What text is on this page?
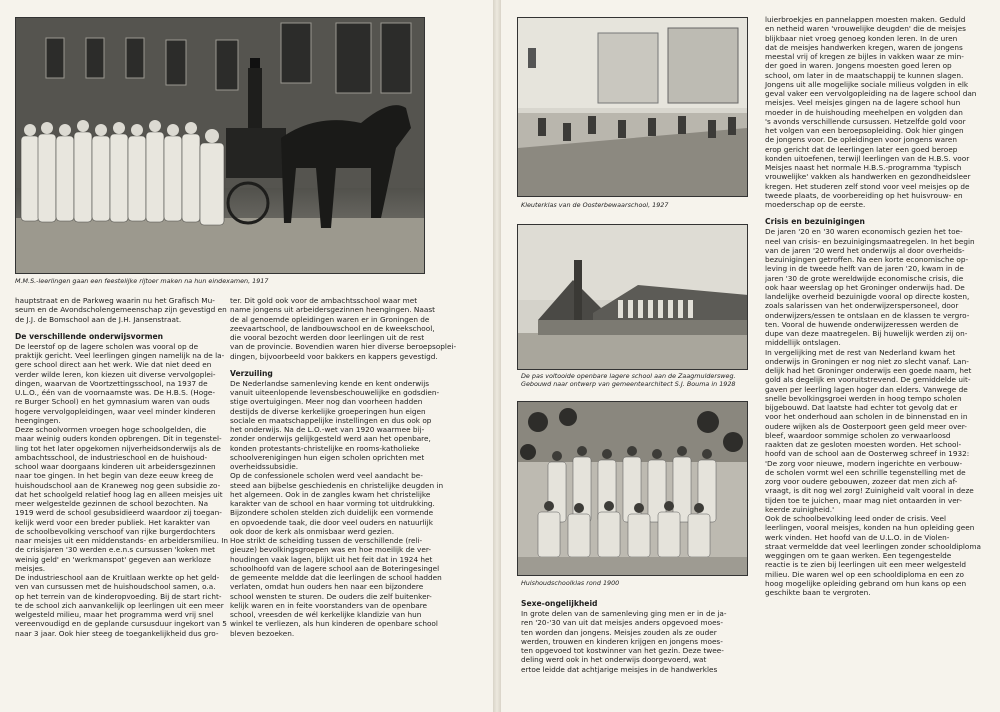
M.M.S.-leerlingen gaan een feestelijke rijtoer maken na hun eindexamen, 1917

hauptstraat en de Parkweg waarin nu het Grafisch Mu-

seum en de Avondscholengemeenschap zijn gevestigd en

de J.J. de Bomschool aan de J.H. Jansenstraat.

De verschillende onderwijsvormen

De leerstof op de lagere scholen was vooral op de

praktijk gericht. Veel leerlingen gingen namelijk na de la-

gere school direct aan het werk. Wie dat niet deed en

verder wilde leren, kon kiezen uit diverse vervolgoplei-

dingen, waarvan de Voortzettingsschool, na 1937 de

U.L.O., één van de voornaamste was. De H.B.S. (Hoge-

re Burger School) en het gymnasium waren van ouds

hogere vervolgopleidingen, waar veel minder kinderen

heengingen.

Deze schoolvormen vroegen hoge schoolgelden, die

maar weinig ouders konden opbrengen. Dit in tegenstel-

ling tot het later opgekomen nijverheidsonderwijs als de

ambachtsschool, de industrieschool en de huishoud-

school waar doorgaans kinderen uit arbeidersgezinnen

naar toe gingen. In het begin van deze eeuw kreeg de

huishoudschool aan de Kraneweg nog geen subsidie zo-

dat het schoolgeld relatief hoog lag en alleen meisjes uit

meer welgestelde gezinnen de school bezochten. Na

1919 werd de school gesubsidieerd waardoor zij toegan-

kelijk werd voor een breder publiek. Het karakter van

de schoolbevolking verschoof van rijke burgerdochters

naar meisjes uit een middenstands- en arbeidersmilieu. In

de crisisjaren '30 werden e.e.n.s cursussen 'koken met

weinig geld' en 'werkmanspot' gegeven aan werkloze

meisjes.

De industrieschool aan de Kruitlaan werkte op het geld-

ven van cursussen met de huishoudschool samen, o.a.

op het terrein van de kinderopvoeding. Bij de start richt-

te de school zich aanvankelijk op leerlingen uit een meer

welgesteld milieu, maar het programma werd vrij snel

vereenvoudigd en de geplande cursusduur ingekort van 5

naar 3 jaar. Ook hier steeg de toegankelijkheid dus gro-

ter. Dit gold ook voor de ambachtsschool waar met

name jongens uit arbeidersgezinnen heengingen. Naast

de al genoemde opleidingen waren er in Groningen de

zeevaartschool, de landbouwschool en de kweekschool,

die vooral bezocht werden door leerlingen uit de rest

van de provincie. Bovendien waren hier diverse beroepsoplei-

dingen, bijvoorbeeld voor bakkers en kappers gevestigd.

Verzuiling

De Nederlandse samenleving kende en kent onderwijs

vanuit uiteenlopende levensbeschouwelijke en godsdien-

stige overtuigingen. Meer nog dan voorheen hadden

destijds de diverse kerkelijke groeperingen hun eigen

sociale en maatschappelijke instellingen en dus ook op

het onderwijs. Na de L.O.-wet van 1920 waarmee bij-

zonder onderwijs gelijkgesteld werd aan het openbare,

konden protestants-christelijke en rooms-katholieke

schoolverenigingen hun eigen scholen oprichten met

overheidssubsidie.

Op de confessionele scholen werd veel aandacht be-

steed aan bijbelse geschiedenis en christelijke deugden in

het algemeen. Ook in de zangles kwam het christelijke

karakter van de school en haar vorming tot uitdrukking.

Bijzondere scholen stelden zich duidelijk een vormende

en opvoedende taak, die door veel ouders en natuurlijk

ook door de kerk als onmisbaar werd gezien.

Hoe strikt de scheiding tussen de verschillende (reli-

gieuze) bevolkingsgroepen was en hoe moeilijk de ver-

houdingen vaak lagen, blijkt uit het feit dat in 1924 het

schoolhoofd van de lagere school aan de Boteringesingel

de gemeente meldde dat die leerlingen de school hadden

verlaten, omdat hun ouders hen naar een bijzondere

school wensten te sturen. De ouders die zelf buitenker-

kelijk waren en in feite voorstanders van de openbare

school, vreesden de wél kerkelijke klandizie van hun

winkel te verliezen, als hun kinderen de openbare school

bleven bezoeken.

Kleuterklas van de Oosterbewaarschool, 1927
De pas voltooide openbare lagere school aan de Zaagmuldersweg.
Gebouwd naar ontwerp van gemeentearchitect S.J. Bouma in 1928
Huishoudschoolklas rond 1900
Sexe-ongelijkheid

In grote delen van de samenleving ging men er in de ja-

ren '20-'30 van uit dat meisjes anders opgevoed moes-

ten worden dan jongens. Meisjes zouden als ze ouder

werden, trouwen en kinderen krijgen en jongens moes-

ten opgevoed tot kostwinner van het gezin. Deze twee-

deling werd ook in het onderwijs doorgevoerd, wat

ertoe leidde dat achtjarige meisjes in de handwerkles

luierbroekjes en pannelappen moesten maken. Geduld

en netheid waren 'vrouwelijke deugden' die de meisjes

blijkbaar niet vroeg genoeg konden leren. In de uren

dat de meisjes handwerken kregen, waren de jongens

meestal vrij of kregen ze bijles in vakken waar ze min-

der goed in waren. Jongens moesten goed leren op

school, om later in de maatschappij te kunnen slagen.

Jongens uit alle mogelijke sociale milieus volgden in elk

geval vaker een vervolgopleiding na de lagere school dan

meisjes. Veel meisjes gingen na de lagere school hun

moeder in de huishouding meehelpen en volgden dan

's avonds verschillende cursussen. Hetzelfde gold voor

het volgen van een beroepsopleiding. Ook hier gingen

de jongens voor. De opleidingen voor jongens waren

erop gericht dat de leerlingen later een goed beroep

konden uitoefenen, terwijl leerlingen van de H.B.S. voor

Meisjes naast het normale H.B.S.-programma 'typisch

vrouwelijke' vakken als handwerken en gezondheidsleer

kregen. Het studeren zelf stond voor veel meisjes op de

tweede plaats, de voorbereiding op het huisvrouw- en

moederschap op de eerste.

Crisis en bezuinigingen

De jaren '20 en '30 waren economisch gezien het toe-

neel van crisis- en bezuinigingsmaatregelen. In het begin

van de jaren '20 werd het onderwijs al door overheids-

bezuinigingen getroffen. Na een korte economische op-

leving in de tweede helft van de jaren '20, kwam in de

jaren '30 de grote wereldwijde economische crisis, die

ook haar weerslag op het Groninger onderwijs had. De

landelijke overheid bezuinigde vooral op directe kosten,

zoals salarissen van het onderwijzerspersoneel, door

onderwijzers/essen te ontslaan en de klassen te vergro-

ten. Vooral de huwende onderwijzeressen werden de

dupe van deze maatregelen. Bij huwelijk werden zij on-

middellijk ontslagen.

In vergelijking met de rest van Nederland kwam het

onderwijs in Groningen er nog niet zo slecht vanaf. Lan-

delijk had het Groninger onderwijs een goede naam, het

gold als degelijk en vooruitstrevend. De gemiddelde uit-

gaven per leerling lagen hoger dan elders. Vanwege de

snelle bevolkingsgroei werden in hoog tempo scholen

bijgebouwd. Dat laatste had echter tot gevolg dat er

voor het onderhoud aan scholen in de binnenstad en in

oudere wijken als de Oosterpoort geen geld meer over-

bleef, waardoor sommige scholen zo verwaarloosd

raakten dat ze gesloten moesten worden. Het school-

hoofd van de school aan de Oosterweg schreef in 1932:

'De zorg voor nieuwe, modern ingerichte en verbouw-

de scholen vormt wel een schrille tegenstelling met de

zorg voor oudere gebouwen, zozeer dat men zich af-

vraagt, is dit nog wel zorg! Zuinigheid valt vooral in deze

tijden toe te juichen, maar mag niet ontaarden in ver-

keerde zuinigheid.'

Ook de schoolbevolking leed onder de crisis. Veel

leerlingen, vooral meisjes, konden na hun opleiding geen

werk vinden. Het hoofd van de U.L.O. in de Violen-

straat vermeldde dat veel leerlingen zonder schooldiploma

weggingen om te gaan werken. Een tegengestelde

reactie is te zien bij leerlingen uit een meer welgesteld

milieu. Die waren wel op een schooldiploma en een zo

hoog mogelijke opleiding gebrand om hun kans op een

geschikte baan te vergroten.
